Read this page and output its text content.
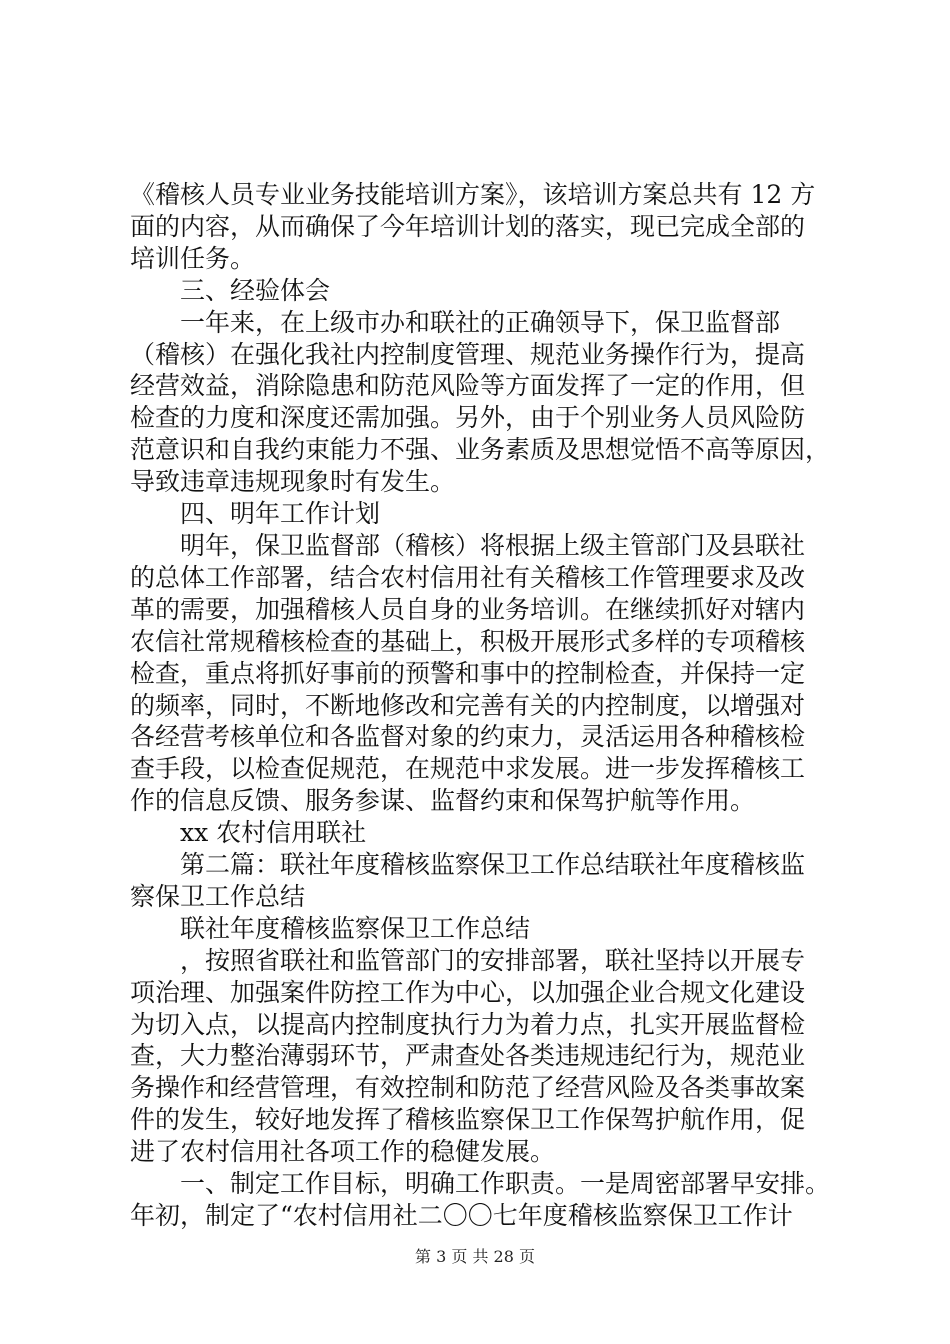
《稽核人员专业业务技能培训方案》，该培训方案总共有 12 方
面的内容，从而确保了今年培训计划的落实，现已完成全部的
培训任务。
三、经验体会
一年来，在上级市办和联社的正确领导下，保卫监督部
（稽核）在强化我社内控制度管理、规范业务操作行为，提高
经营效益，消除隐患和防范风险等方面发挥了一定的作用，但
检查的力度和深度还需加强。另外，由于个别业务人员风险防
范意识和自我约束能力不强、业务素质及思想觉悟不高等原因，
导致违章违规现象时有发生。
四、明年工作计划
明年，保卫监督部（稽核）将根据上级主管部门及县联社
的总体工作部署，结合农村信用社有关稽核工作管理要求及改
革的需要，加强稽核人员自身的业务培训。在继续抓好对辖内
农信社常规稽核检查的基础上，积极开展形式多样的专项稽核
检查，重点将抓好事前的预警和事中的控制检查，并保持一定
的频率，同时，不断地修改和完善有关的内控制度，以增强对
各经营考核单位和各监督对象的约束力，灵活运用各种稽核检
查手段，以检查促规范，在规范中求发展。进一步发挥稽核工
作的信息反馈、服务参谋、监督约束和保驾护航等作用。
xx 农村信用联社
第二篇：联社年度稽核监察保卫工作总结联社年度稽核监
察保卫工作总结
联社年度稽核监察保卫工作总结
，按照省联社和监管部门的安排部署，联社坚持以开展专
项治理、加强案件防控工作为中心，以加强企业合规文化建设
为切入点，以提高内控制度执行力为着力点，扎实开展监督检
查，大力整治薄弱环节，严肃查处各类违规违纪行为，规范业
务操作和经营管理，有效控制和防范了经营风险及各类事故案
件的发生，较好地发挥了稽核监察保卫工作保驾护航作用，促
进了农村信用社各项工作的稳健发展。
一、制定工作目标，明确工作职责。一是周密部署早安排。
年初，制定了“农村信用社二〇〇七年度稽核监察保卫工作计
第 3 页 共 28 页
